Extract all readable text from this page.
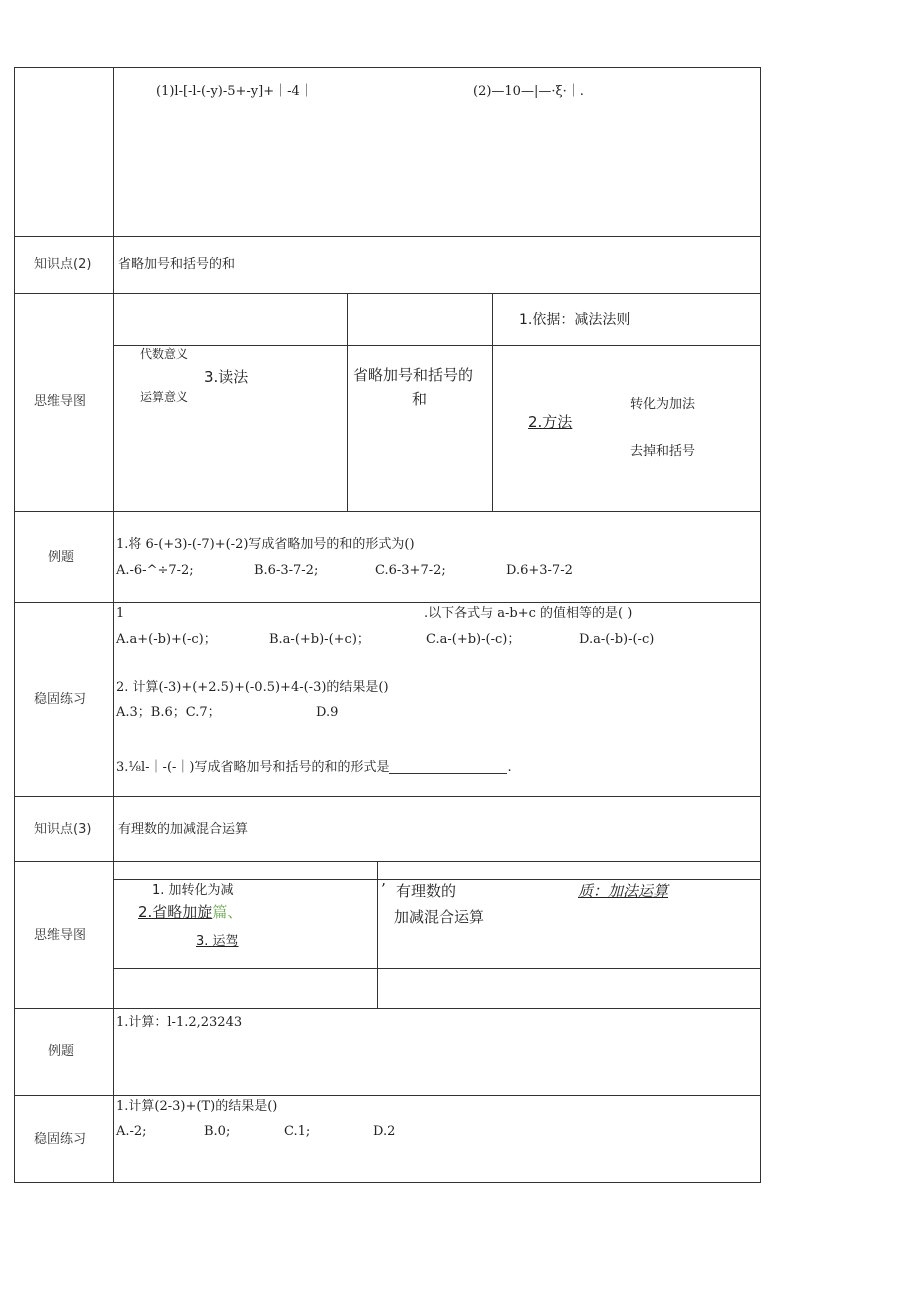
(1)l-[-l-(-y)-5+-y]+｜-4｜	(2)—10—|—·ξ·｜.
知识点(2) 省略加号和括号的和
思维导图
1.依据：减法法则
代数意义
3.读法
运算意义
省略加号和括号的
和
2.方法
转化为加法
去掉和括号
例题
1.将 6-(+3)-(-7)+(-2)写成省略加号的和的形式为()
A.-6-^÷7-2;	B.6-3-7-2;	C.6-3+7-2;	D.6+3-7-2
稳固练习
1	.以下各式与 a-b+c 的值相等的是( )
A.a+(-b)+(-c)；	B.a-(+b)-(+c)；	C.a-(+b)-(-c)；	D.a-(-b)-(-c)
2. 计算(-3)+(+2.5)+(-0.5)+4-(-3)的结果是()
A.3；B.6；C.7；	D.9
3.⅛l-｜-(-｜)写成省略加号和括号的和的形式是	.
知识点(3) 有理数的加减混合运算
思维导图
1. 加转化为减
2.省略加旋篇、
3. 运驾
’ 有理数的
加减混合运算
质：加法运算
例题
1.计算：l-1.2,23243
稳固练习
1.计算(2-3)+(T)的结果是()
A.-2;	B.0;	C.1;	D.2
